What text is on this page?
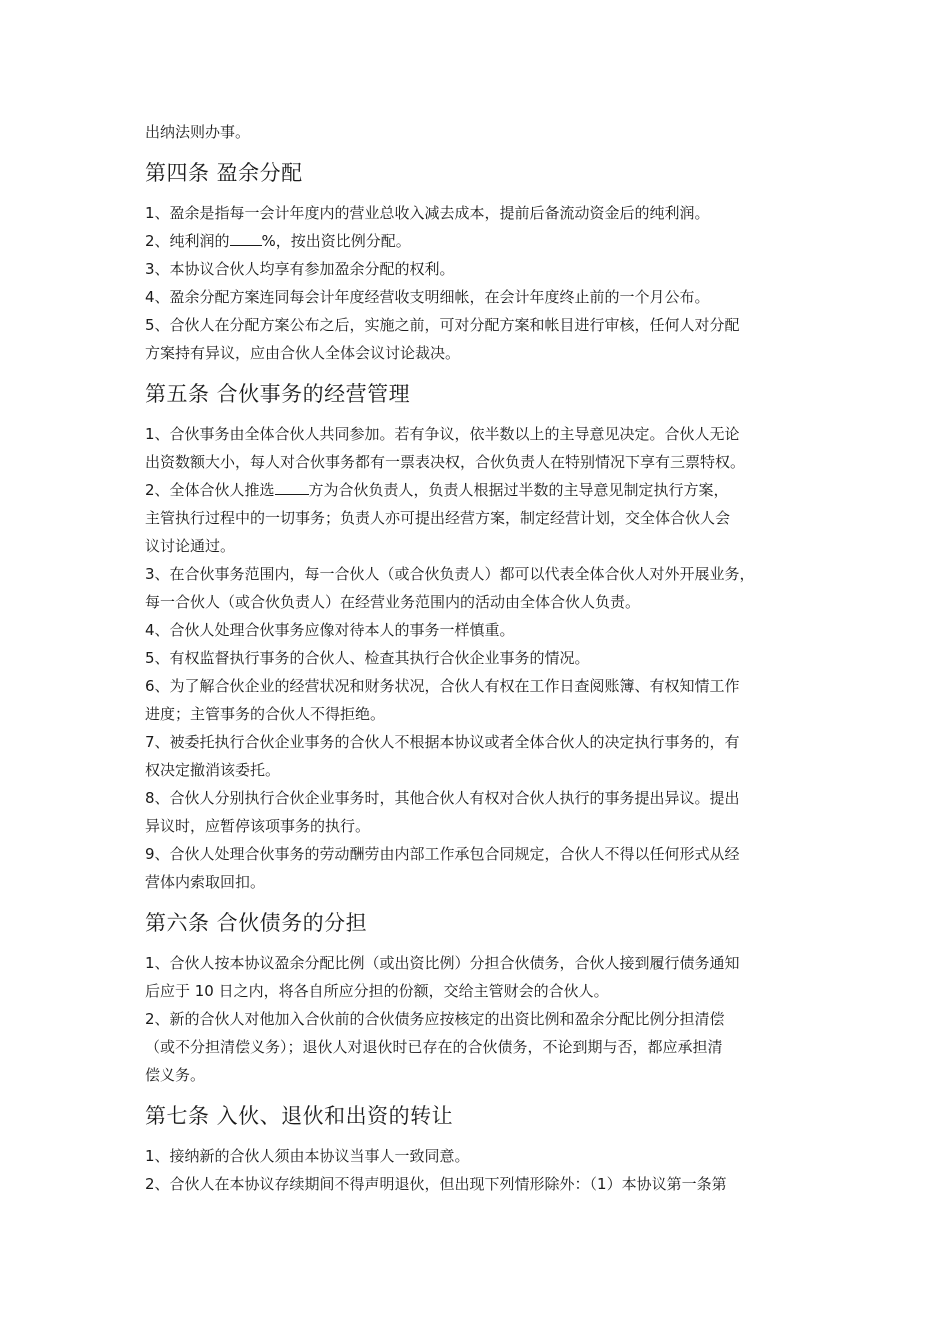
出纳法则办事。

第四条 盈余分配

1、盈余是指每一会计年度内的营业总收入减去成本，提前后备流动资金后的纯利润。

2、纯利润的 %，按出资比例分配。

3、本协议合伙人均享有参加盈余分配的权利。

4、盈余分配方案连同每会计年度经营收支明细帐，在会计年度终止前的一个月公布。

5、合伙人在分配方案公布之后，实施之前，可对分配方案和帐目进行审核，任何人对分配

方案持有异议，应由合伙人全体会议讨论裁决。

第五条 合伙事务的经营管理

1、合伙事务由全体合伙人共同参加。若有争议，依半数以上的主导意见决定。合伙人无论

出资数额大小，每人对合伙事务都有一票表决权，合伙负责人在特别情况下享有三票特权。

2、全体合伙人推选 方为合伙负责人，负责人根据过半数的主导意见制定执行方案，

主管执行过程中的一切事务；负责人亦可提出经营方案，制定经营计划，交全体合伙人会

议讨论通过。

3、在合伙事务范围内，每一合伙人（或合伙负责人）都可以代表全体合伙人对外开展业务，

每一合伙人（或合伙负责人）在经营业务范围内的活动由全体合伙人负责。

4、合伙人处理合伙事务应像对待本人的事务一样慎重。

5、有权监督执行事务的合伙人、检查其执行合伙企业事务的情况。

6、为了解合伙企业的经营状况和财务状况，合伙人有权在工作日查阅账簿、有权知情工作

进度；主管事务的合伙人不得拒绝。

7、被委托执行合伙企业事务的合伙人不根据本协议或者全体合伙人的决定执行事务的，有

权决定撤消该委托。

8、合伙人分别执行合伙企业事务时，其他合伙人有权对合伙人执行的事务提出异议。提出

异议时，应暂停该项事务的执行。

9、合伙人处理合伙事务的劳动酬劳由内部工作承包合同规定，合伙人不得以任何形式从经

营体内索取回扣。

第六条 合伙债务的分担

1、合伙人按本协议盈余分配比例（或出资比例）分担合伙债务，合伙人接到履行债务通知

后应于 10 日之内，将各自所应分担的份额，交给主管财会的合伙人。

2、新的合伙人对他加入合伙前的合伙债务应按核定的出资比例和盈余分配比例分担清偿

（或不分担清偿义务）；退伙人对退伙时已存在的合伙债务，不论到期与否，都应承担清

偿义务。

第七条 入伙、退伙和出资的转让

1、接纳新的合伙人须由本协议当事人一致同意。

2、合伙人在本协议存续期间不得声明退伙，但出现下列情形除外：（1）本协议第一条第
